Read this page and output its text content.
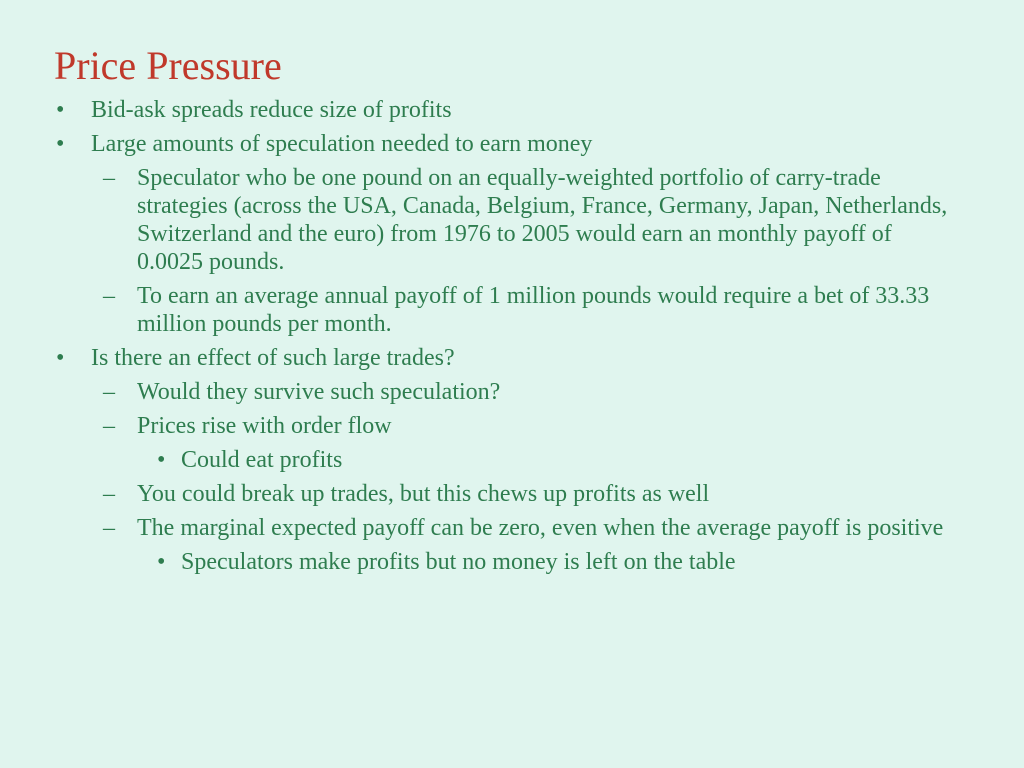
Price Pressure
• Bid-ask spreads reduce size of profits
• Large amounts of speculation needed to earn money
– Speculator who be one pound on an equally-weighted portfolio of carry-trade strategies (across the USA, Canada, Belgium, France, Germany, Japan, Netherlands, Switzerland and the euro) from 1976 to 2005 would earn an monthly payoff of 0.0025 pounds.
– To earn an average annual payoff of 1 million pounds would require a bet of 33.33 million pounds per month.
• Is there an effect of such large trades?
– Would they survive such speculation?
– Prices rise with order flow
• Could eat profits
– You could break up trades, but this chews up profits as well
– The marginal expected payoff can be zero, even when the average payoff is positive
• Speculators make profits but no money is left on the table
